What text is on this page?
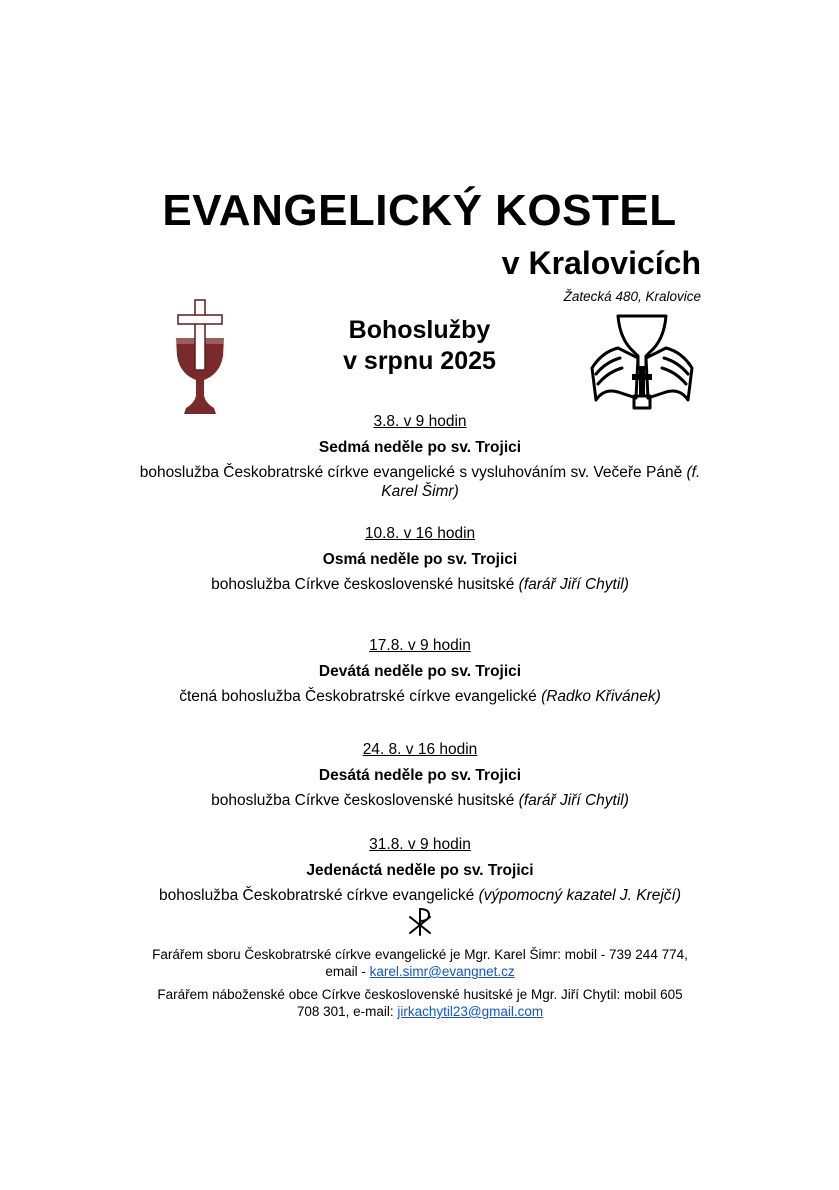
EVANGELICKÝ KOSTEL
v Kralovicích
Žatecká 480, Kralovice
Bohoslužby
v srpnu 2025
3.8. v 9 hodin
Sedmá neděle po sv. Trojici
bohoslužba Českobratrské církve evangelické s vysluhováním sv. Večeře Páně (f. Karel Šimr)
10.8. v 16 hodin
Osmá neděle po sv. Trojici
bohoslužba Církve československé husitské (farář Jiří Chytil)
17.8. v 9 hodin
Devátá neděle po sv. Trojici
čtená bohoslužba Českobratrské církve evangelické (Radko Křivánek)
24. 8. v 16 hodin
Desátá neděle po sv. Trojici
bohoslužba Církve československé husitské (farář Jiří Chytil)
31.8. v 9 hodin
Jedenáctá neděle po sv. Trojici
bohoslužba Českobratrské církve evangelické (výpomocný kazatel J. Krejčí)

Farářem sboru Českobratrské církve evangelické je Mgr. Karel Šimr: mobil - 739 244 774,
email - karel.simr@evangnet.cz

Farářem náboženské obce Církve československé husitské je Mgr. Jiří Chytil: mobil 605
708 301, e-mail: jirkachytil23@gmail.com
